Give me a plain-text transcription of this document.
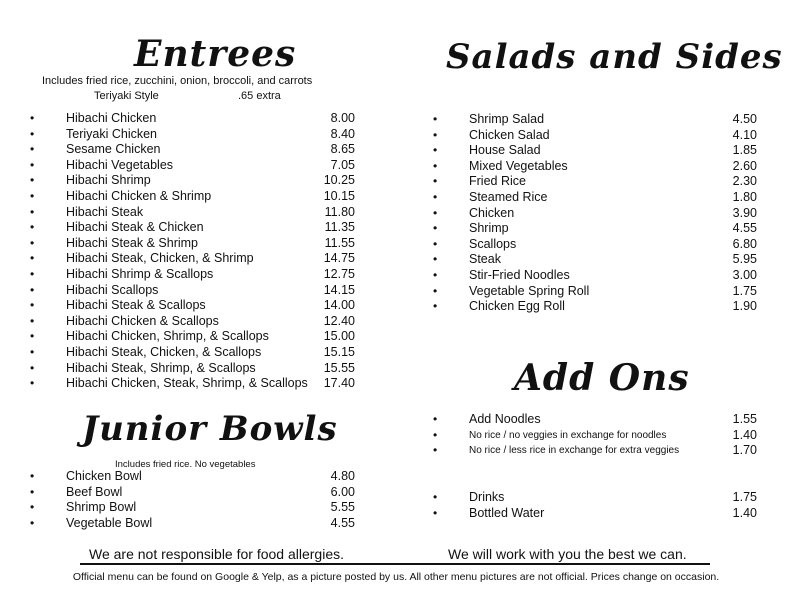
Entrees
Includes fried rice, zucchini, onion, broccoli, and carrots
Teriyaki Style	.65 extra
•	Hibachi Chicken	8.00
•	Teriyaki Chicken	8.40
•	Sesame Chicken	8.65
•	Hibachi Vegetables	7.05
•	Hibachi Shrimp	10.25
•	Hibachi Chicken & Shrimp	10.15
•	Hibachi Steak	11.80
•	Hibachi Steak & Chicken	11.35
•	Hibachi Steak & Shrimp	11.55
•	Hibachi Steak, Chicken, & Shrimp	14.75
•	Hibachi Shrimp & Scallops	12.75
•	Hibachi Scallops	14.15
•	Hibachi Steak & Scallops	14.00
•	Hibachi Chicken & Scallops	12.40
•	Hibachi Chicken, Shrimp, & Scallops	15.00
•	Hibachi Steak, Chicken, & Scallops	15.15
•	Hibachi Steak, Shrimp, & Scallops	15.55
•	Hibachi Chicken, Steak, Shrimp, & Scallops 17.40
Junior Bowls
Includes fried rice. No vegetables
•	Chicken Bowl	4.80
•	Beef Bowl	6.00
•	Shrimp Bowl	5.55
•	Vegetable Bowl	4.55
Salads and Sides
•	Shrimp Salad	4.50
•	Chicken Salad	4.10
•	House Salad	1.85
•	Mixed Vegetables	2.60
•	Fried Rice	2.30
•	Steamed Rice	1.80
•	Chicken	3.90
•	Shrimp	4.55
•	Scallops	6.80
•	Steak	5.95
•	Stir-Fried Noodles	3.00
•	Vegetable Spring Roll	1.75
•	Chicken Egg Roll	1.90
Add Ons
•	Add Noodles	1.55
•	No rice / no veggies in exchange for noodles	1.40
•	No rice / less rice in exchange for extra veggies	1.70
•	Drinks	1.75
•	Bottled Water	1.40
We are not responsible for food allergies.	We will work with you the best we can.
Official menu can be found on Google & Yelp, as a picture posted by us. All other menu pictures are not official. Prices change on occasion.
